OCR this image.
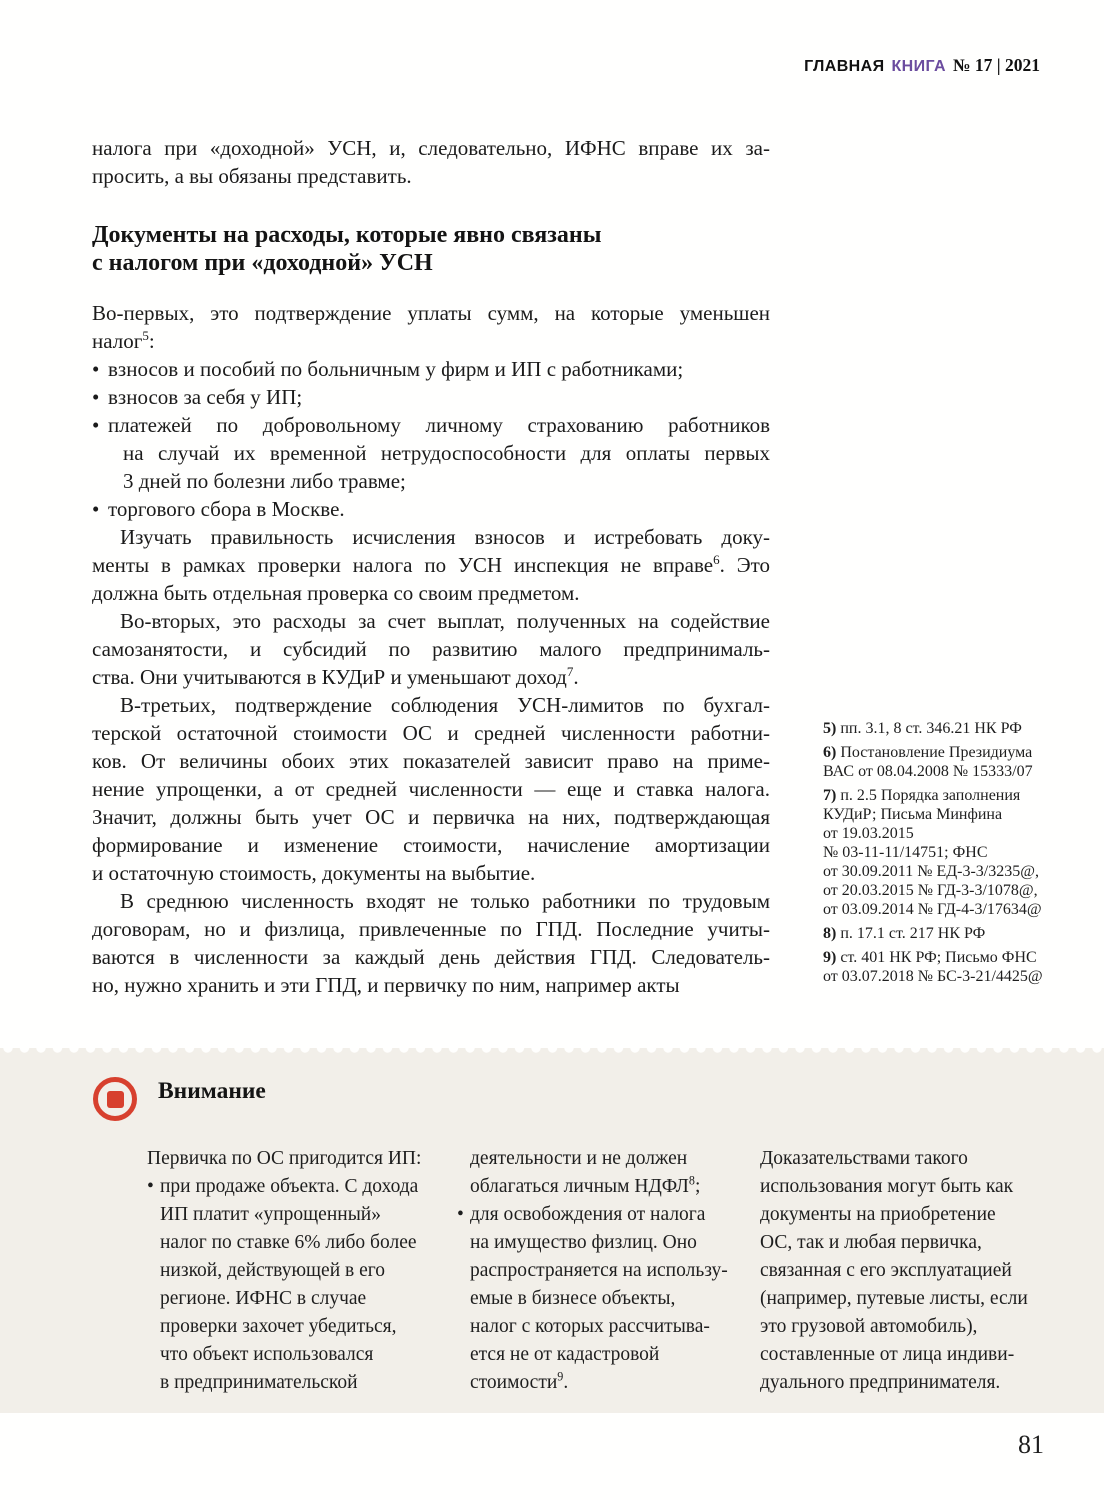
ГЛАВНАЯ КНИГА № 17 | 2021
налога при «доходной» УСН, и, следовательно, ИФНС вправе их за-
просить, а вы обязаны представить.
Документы на расходы, которые явно связаны
с налогом при «доходной» УСН
Во-первых, это подтверждение уплаты сумм, на которые уменьшен
налог$^5$:
• взносов и пособий по больничным у фирм и ИП с работниками;
• взносов за себя у ИП;
• платежей по добровольному личному страхованию работников
на случай их временной нетрудоспособности для оплаты первых
3 дней по болезни либо травме;
• торгового сбора в Москве.
Изучать правильность исчисления взносов и истребовать доку-
менты в рамках проверки налога по УСН инспекция не вправе$^6$. Это
должна быть отдельная проверка со своим предметом.
Во-вторых, это расходы за счет выплат, полученных на содействие
самозанятости, и субсидий по развитию малого предпринималь-
ства. Они учитываются в КУДиР и уменьшают доход$^7$.
В-третьих, подтверждение соблюдения УСН-лимитов по бухгал-
терской остаточной стоимости ОС и средней численности работни-
ков. От величины обоих этих показателей зависит право на приме-
нение упрощенки, а от средней численности — еще и ставка налога.
Значит, должны быть учет ОС и первичка на них, подтверждающая
формирование и изменение стоимости, начисление амортизации
и остаточную стоимость, документы на выбытие.
В среднюю численность входят не только работники по трудовым
договорам, но и физлица, привлеченные по ГПД. Последние учиты-
ваются в численности за каждый день действия ГПД. Следователь-
но, нужно хранить и эти ГПД, и первичку по ним, например акты
5) пп. 3.1, 8 ст. 346.21 НК РФ
6) Постановление Президиума
ВАС от 08.04.2008 № 15333/07
7) п. 2.5 Порядка заполнения
КУДиР; Письма Минфина
от 19.03.2015
№ 03-11-11/14751; ФНС
от 30.09.2011 № ЕД-3-3/3235@,
от 20.03.2015 № ГД-3-3/1078@,
от 03.09.2014 № ГД-4-3/17634@
8) п. 17.1 ст. 217 НК РФ
9) ст. 401 НК РФ; Письмо ФНС
от 03.07.2018 № БС-3-21/4425@
Внимание
Первичка по ОС пригодится ИП:
• при продаже объекта. С дохода
ИП платит «упрощенный»
налог по ставке 6% либо более
низкой, действующей в его
регионе. ИФНС в случае
проверки захочет убедиться,
что объект использовался
в предпринимательской
деятельности и не должен
облагаться личным НДФЛ$^8$;
• для освобождения от налога
на имущество физлиц. Оно
распространяется на использу-
емые в бизнесе объекты,
налог с которых рассчитыва-
ется не от кадастровой
стоимости$^9$.
Доказательствами такого
использования могут быть как
документы на приобретение
ОС, так и любая первичка,
связанная с его эксплуатацией
(например, путевые листы, если
это грузовой автомобиль),
составленные от лица индиви-
дуального предпринимателя.
81
